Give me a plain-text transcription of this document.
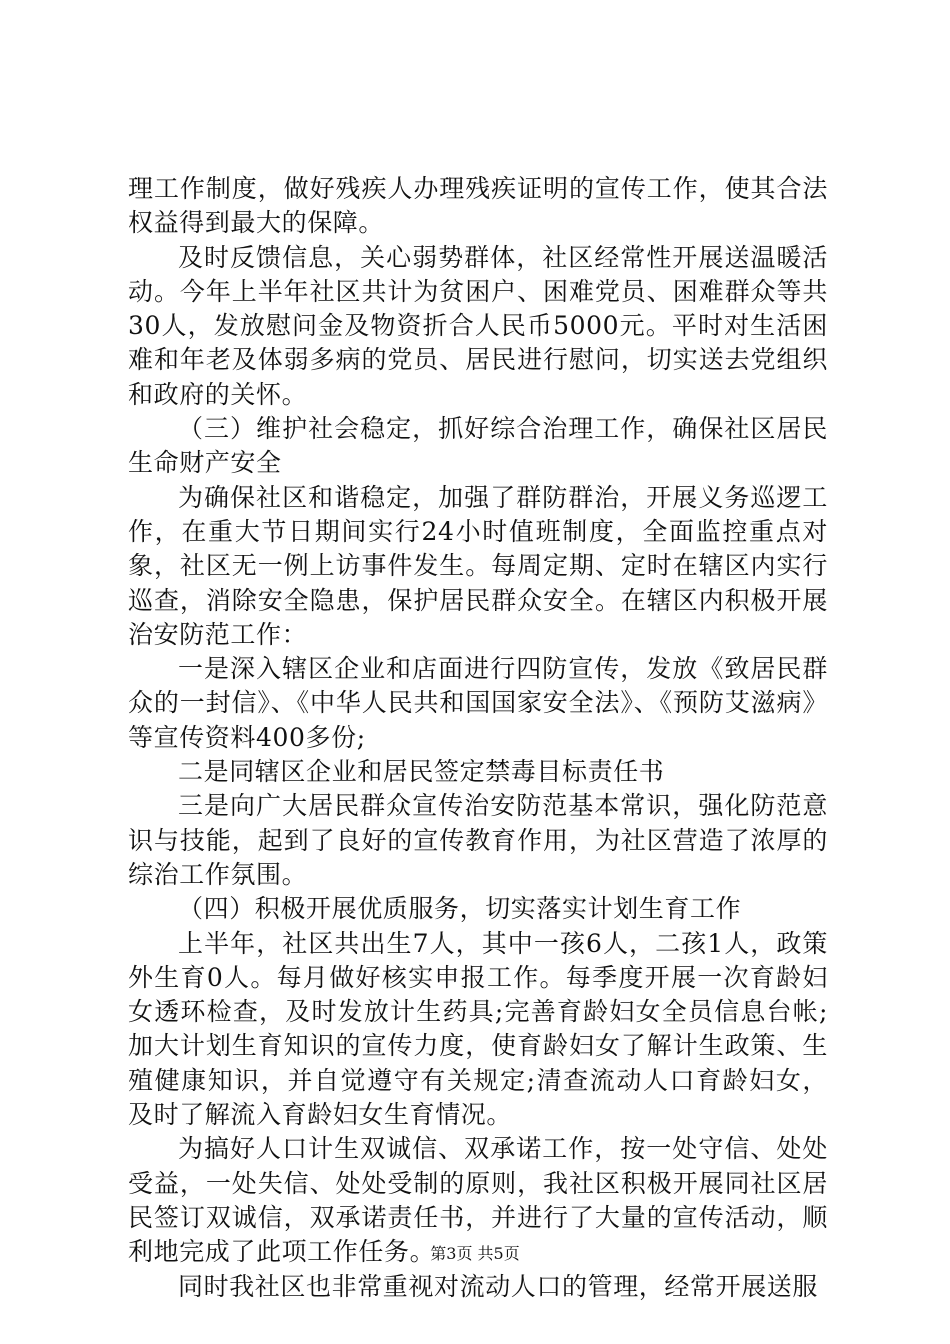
理工作制度，做好残疾人办理残疾证明的宣传工作，使其合法权益得到最大的保障。

及时反馈信息，关心弱势群体，社区经常性开展送温暖活动。今年上半年社区共计为贫困户、困难党员、困难群众等共30人，发放慰问金及物资折合人民币5000元。平时对生活困难和年老及体弱多病的党员、居民进行慰问，切实送去党组织和政府的关怀。

（三）维护社会稳定，抓好综合治理工作，确保社区居民生命财产安全

为确保社区和谐稳定，加强了群防群治，开展义务巡逻工作，在重大节日期间实行24小时值班制度，全面监控重点对象，社区无一例上访事件发生。每周定期、定时在辖区内实行巡查，消除安全隐患，保护居民群众安全。在辖区内积极开展治安防范工作：

一是深入辖区企业和店面进行四防宣传，发放《致居民群众的一封信》、《中华人民共和国国家安全法》、《预防艾滋病》等宣传资料400多份;

二是同辖区企业和居民签定禁毒目标责任书

三是向广大居民群众宣传治安防范基本常识，强化防范意识与技能，起到了良好的宣传教育作用，为社区营造了浓厚的综治工作氛围。

（四）积极开展优质服务，切实落实计划生育工作

上半年，社区共出生7人，其中一孩6人，二孩1人，政策外生育0人。每月做好核实申报工作。每季度开展一次育龄妇女透环检查，及时发放计生药具;完善育龄妇女全员信息台帐;加大计划生育知识的宣传力度，使育龄妇女了解计生政策、生殖健康知识，并自觉遵守有关规定;清查流动人口育龄妇女，及时了解流入育龄妇女生育情况。

为搞好人口计生双诚信、双承诺工作，按一处守信、处处受益，一处失信、处处受制的原则，我社区积极开展同社区居民签订双诚信，双承诺责任书，并进行了大量的宣传活动，顺利地完成了此项工作任务。

同时我社区也非常重视对流动人口的管理，经常开展送服

第3页 共5页
